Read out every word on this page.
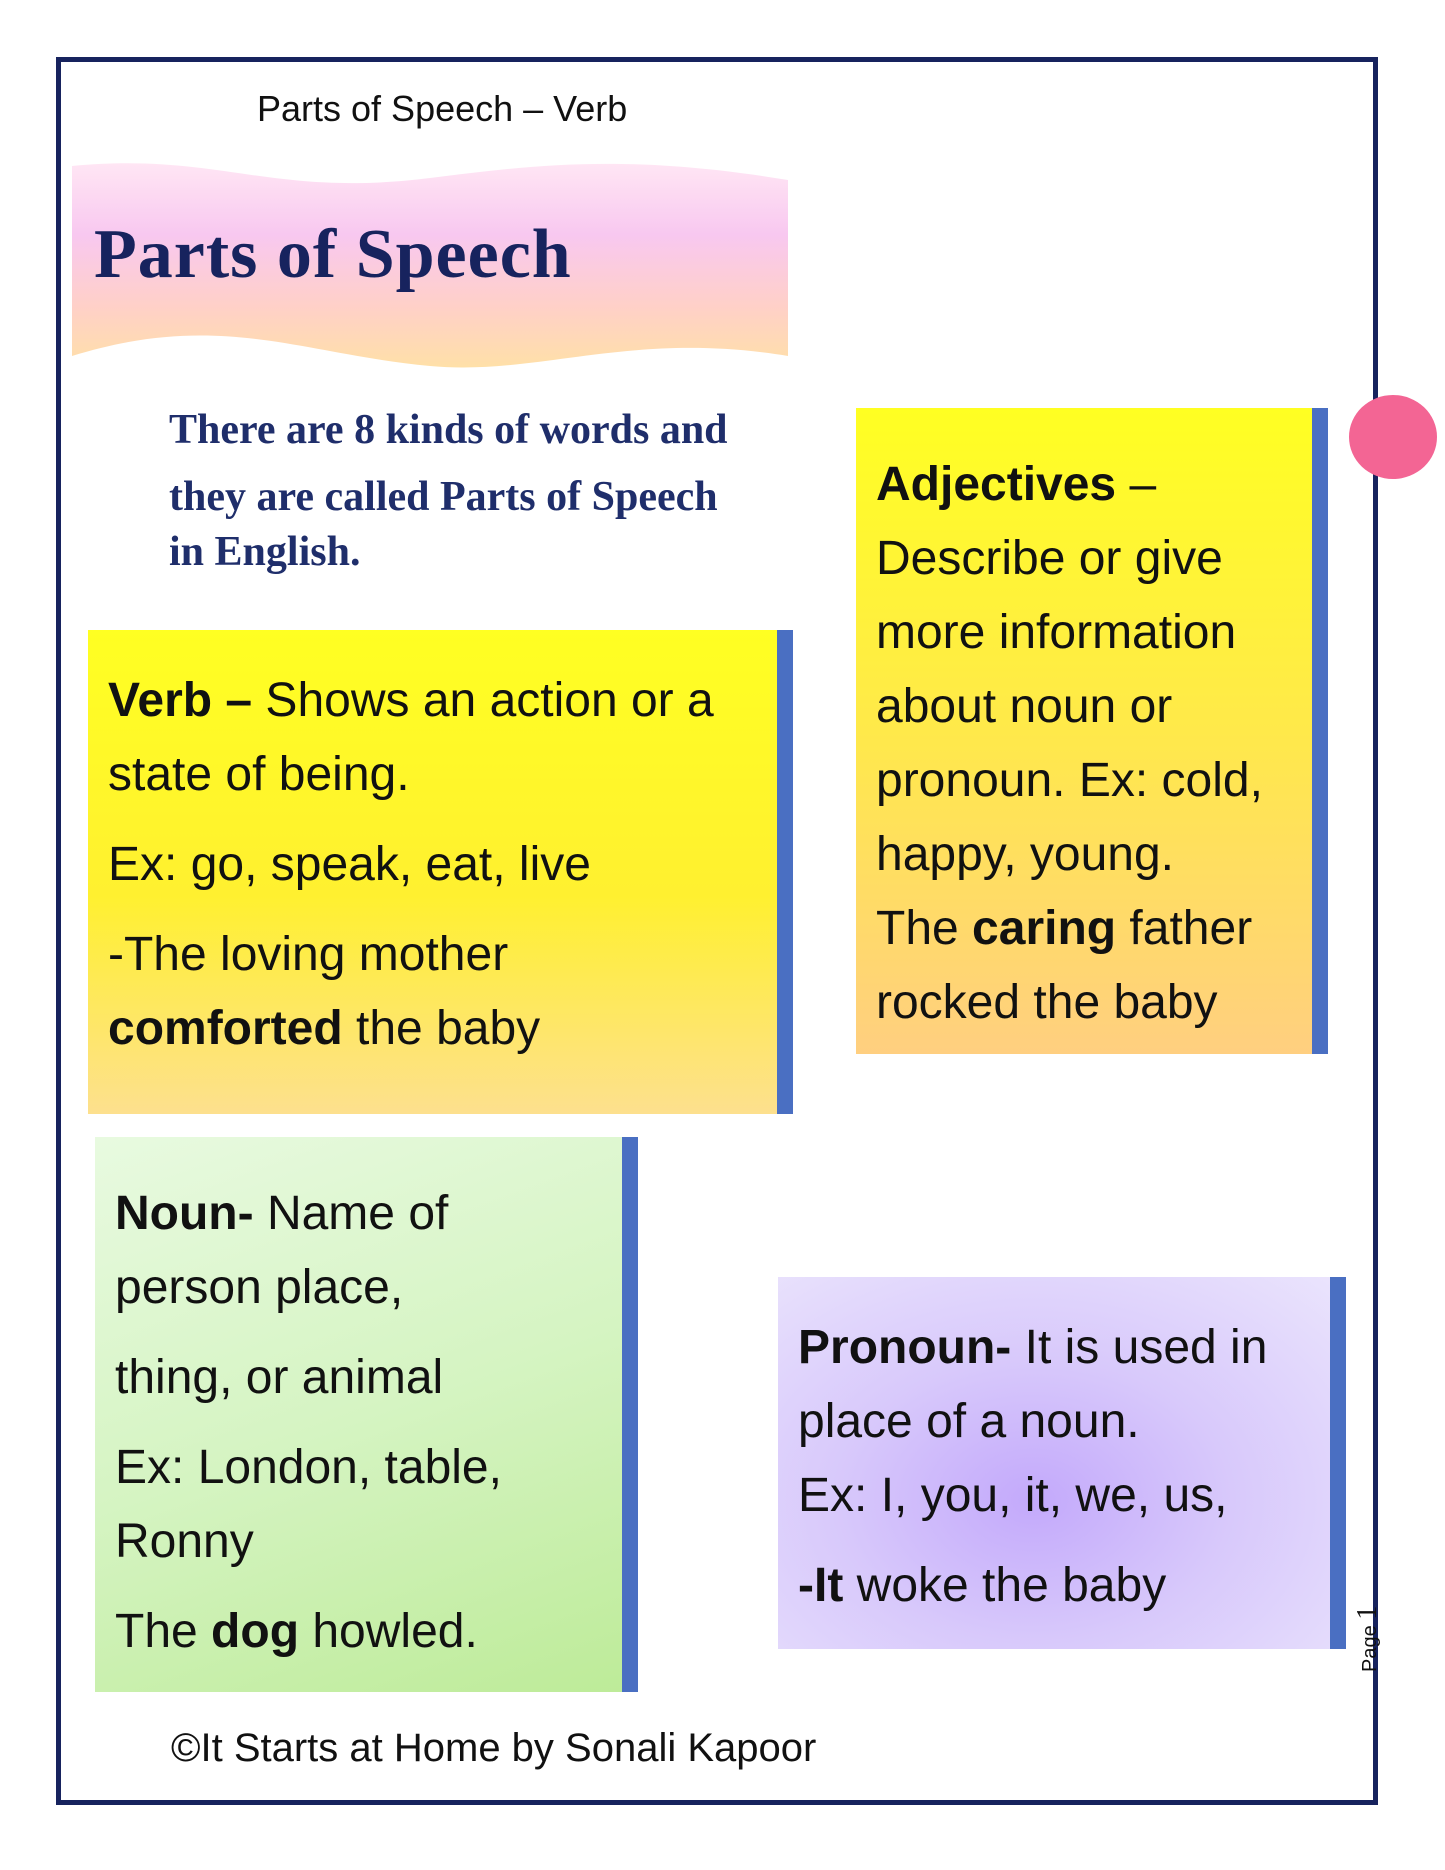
Parts of Speech – Verb
Parts of Speech
There are 8 kinds of words and
they are called Parts of Speech
in English.
Verb – Shows an action or a
state of being.
Ex: go, speak, eat, live
-The loving mother
comforted the baby
Adjectives –
Describe or give
more information
about noun or
pronoun. Ex: cold,
happy, young.
The caring father
rocked the baby
Noun- Name of
person place,
thing, or animal
Ex: London, table,
Ronny
The dog howled.
Pronoun- It is used in
place of a noun.
Ex: I, you, it, we, us,
-It woke the baby
Page 1
©It Starts at Home by Sonali Kapoor
